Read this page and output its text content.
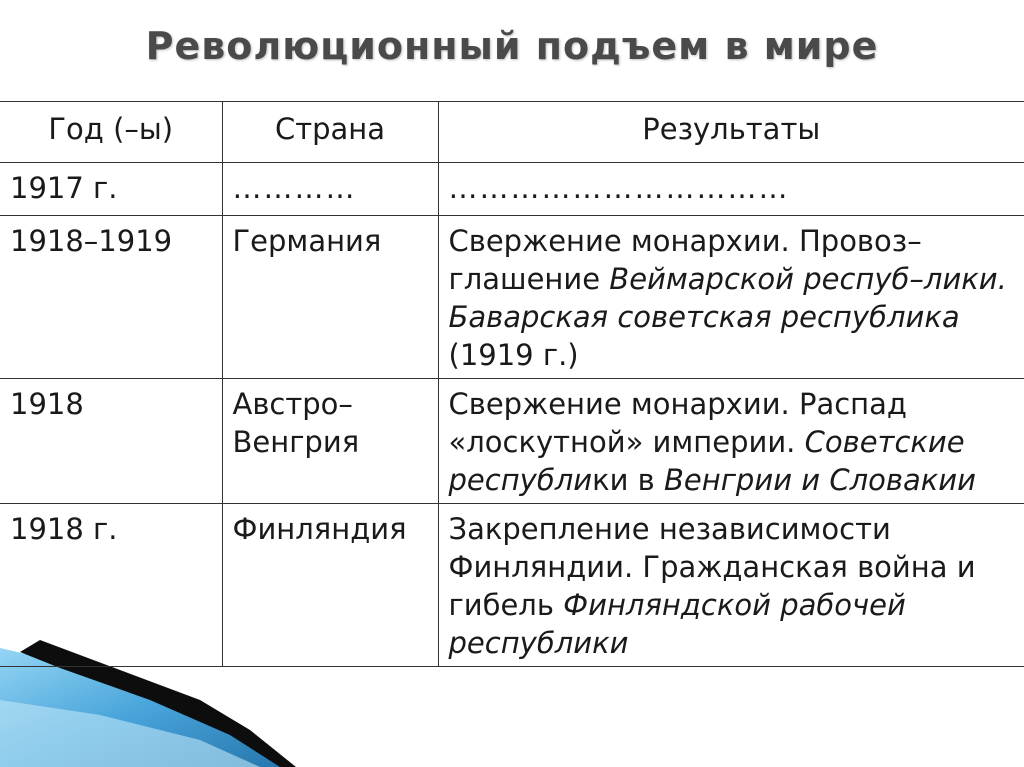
Революционный подъем в мире
Год (–ы)	Страна	Результаты
1917 г.	…………	……………………………
1918–1919	Германия	Свержение монархии. Провоз–глашение Веймарской респуб–лики. Баварская советская республика (1919 г.)
1918	Австро–Венгрия	Свержение монархии. Распад «лоскутной» империи. Советские республики в Венгрии и Словакии
1918 г.	Финляндия	Закрепление независимости Финляндии. Гражданская война и гибель Финляндской рабочей республики
